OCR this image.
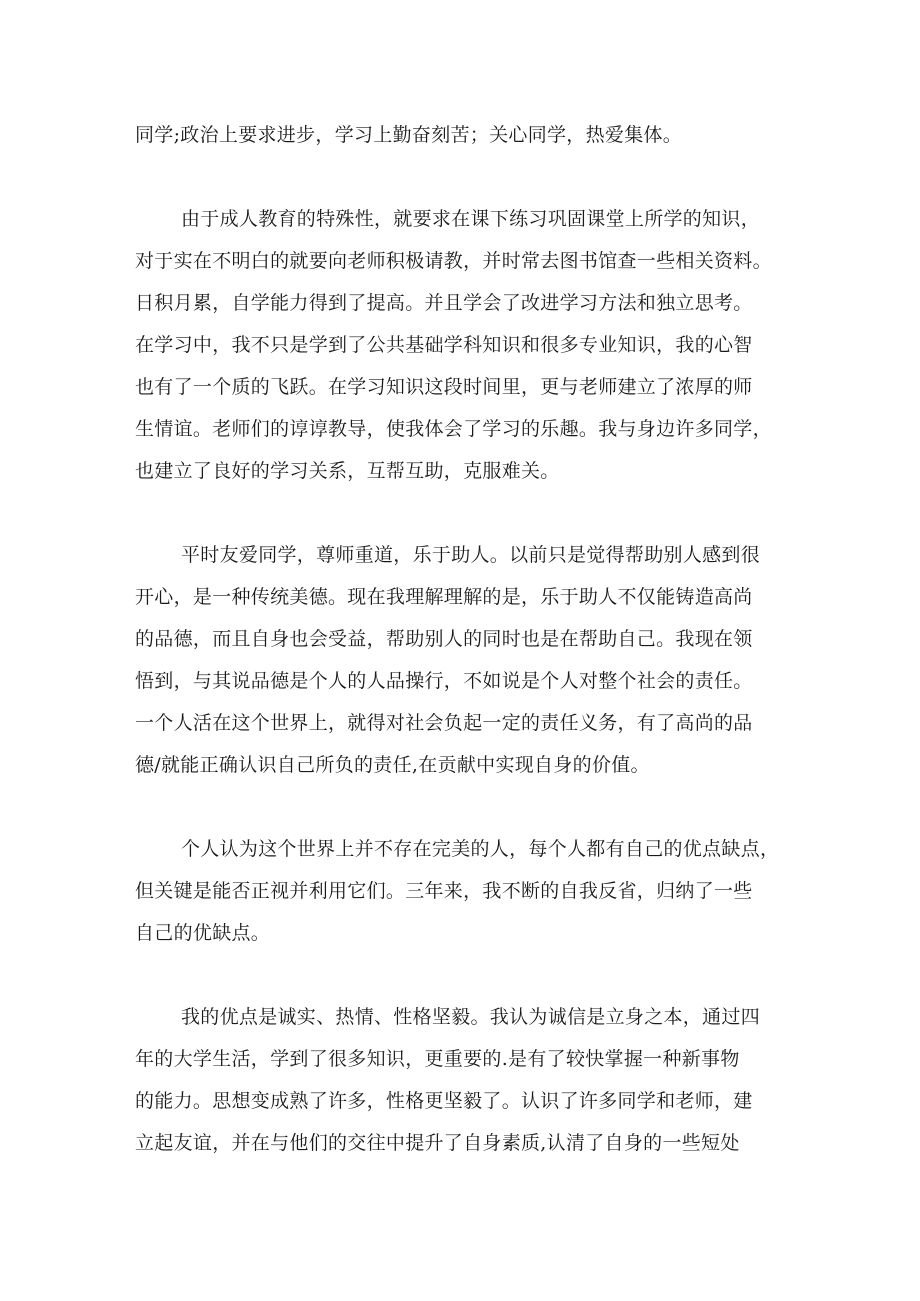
同学;政治上要求进步，学习上勤奋刻苦；关心同学，热爱集体。
由于成人教育的特殊性，就要求在课下练习巩固课堂上所学的知识，
对于实在不明白的就要向老师积极请教，并时常去图书馆查一些相关资料。
日积月累，自学能力得到了提高。并且学会了改进学习方法和独立思考。
在学习中，我不只是学到了公共基础学科知识和很多专业知识，我的心智
也有了一个质的飞跃。在学习知识这段时间里，更与老师建立了浓厚的师
生情谊。老师们的谆谆教导，使我体会了学习的乐趣。我与身边许多同学，
也建立了良好的学习关系，互帮互助，克服难关。
平时友爱同学，尊师重道，乐于助人。以前只是觉得帮助别人感到很
开心，是一种传统美德。现在我理解理解的是，乐于助人不仅能铸造高尚
的品德，而且自身也会受益，帮助别人的同时也是在帮助自己。我现在领
悟到，与其说品德是个人的人品操行，不如说是个人对整个社会的责任。
一个人活在这个世界上，就得对社会负起一定的责任义务，有了高尚的品
德/就能正确认识自己所负的责任,在贡献中实现自身的价值。
个人认为这个世界上并不存在完美的人，每个人都有自己的优点缺点，
但关键是能否正视并利用它们。三年来，我不断的自我反省，归纳了一些
自己的优缺点。
我的优点是诚实、热情、性格坚毅。我认为诚信是立身之本，通过四
年的大学生活，学到了很多知识，更重要的.是有了较快掌握一种新事物
的能力。思想变成熟了许多，性格更坚毅了。认识了许多同学和老师，建
立起友谊，并在与他们的交往中提升了自身素质,认清了自身的一些短处
